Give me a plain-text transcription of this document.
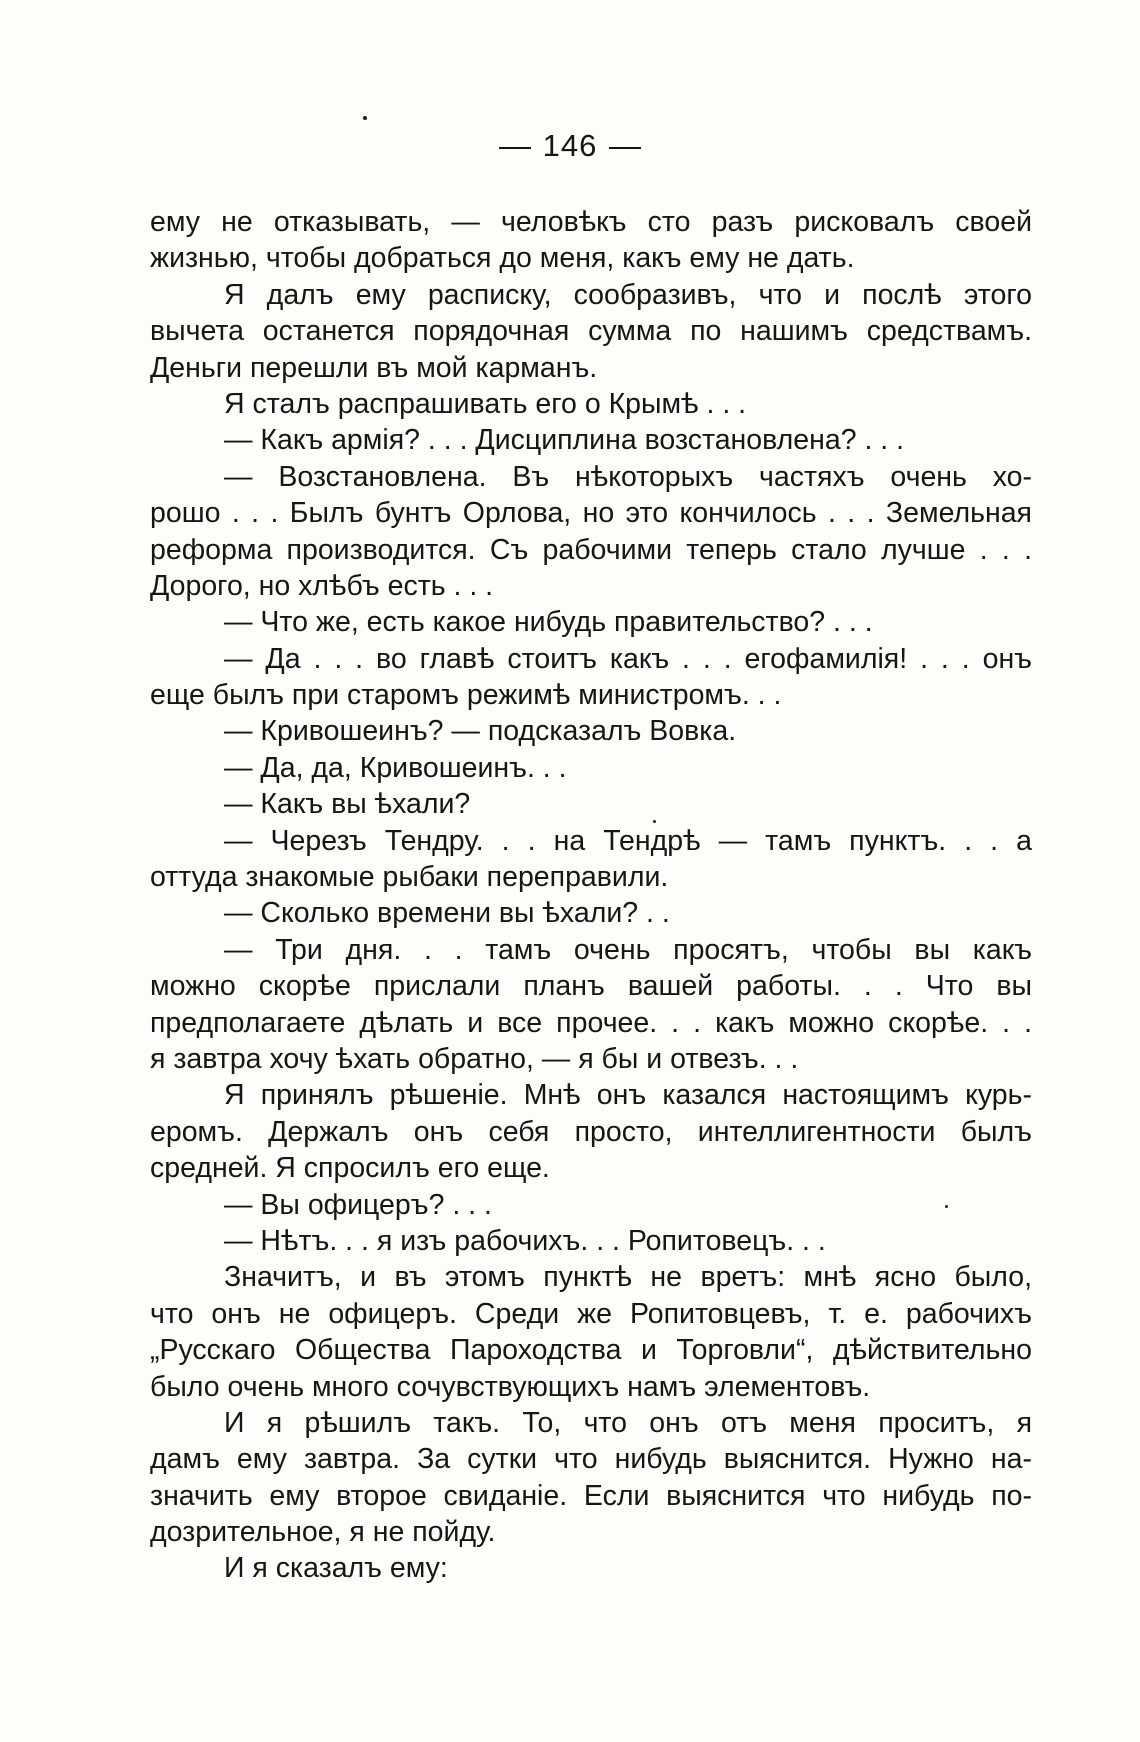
146
ему не отказывать, — человѣкъ сто разъ рисковалъ своей
жизнью, чтобы добраться до меня, какъ ему не дать.
Я далъ ему расписку, сообразивъ, что и послѣ этого
вычета останется порядочная сумма по нашимъ средствамъ.
Деньги перешли въ мой карманъ.
Я сталъ распрашивать его о Крымѣ . . .
— Какъ армія? . . . Дисциплина возстановлена? . . .
— Возстановлена. Въ нѣкоторыхъ частяхъ очень хо-
рошо . . . Былъ бунтъ Орлова, но это кончилось . . . Земельная
реформа производится. Съ рабочими теперь стало лучше . . .
Дорого, но хлѣбъ есть . . .
— Что же, есть какое нибудь правительство? . . .
— Да . . . во главѣ стоитъ какъ . . . егофамилія! . . . онъ
еще былъ при старомъ режимѣ министромъ. . .
— Кривошеинъ? — подсказалъ Вовка.
— Да, да, Кривошеинъ. . .
— Какъ вы ѣхали?
— Черезъ Тендру. . . на Тендрѣ — тамъ пунктъ. . . а
оттуда знакомые рыбаки переправили.
— Сколько времени вы ѣхали? . .
— Три дня. . . тамъ очень просятъ, чтобы вы какъ
можно скорѣе прислали планъ вашей работы. . . Что вы
предполагаете дѣлать и все прочее. . . какъ можно скорѣе. . .
я завтра хочу ѣхать обратно, — я бы и отвезъ. . .
Я принялъ рѣшеніе. Мнѣ онъ казался настоящимъ курь-
еромъ. Держалъ онъ себя просто, интеллигентности былъ
средней. Я спросилъ его еще.
— Вы офицеръ? . . .
— Нѣтъ. . . я изъ рабочихъ. . . Ропитовецъ. . .
Значитъ, и въ этомъ пунктѣ не вретъ: мнѣ ясно было,
что онъ не офицеръ. Среди же Ропитовцевъ, т. е. рабочихъ
„Русскаго Общества Пароходства и Торговли“, дѣйствительно
было очень много сочувствующихъ намъ элементовъ.
И я рѣшилъ такъ. То, что онъ отъ меня проситъ, я
дамъ ему завтра. За сутки что нибудь выяснится. Нужно на-
значить ему второе свиданіе. Если выяснится что нибудь по-
дозрительное, я не пойду.
И я сказалъ ему:
